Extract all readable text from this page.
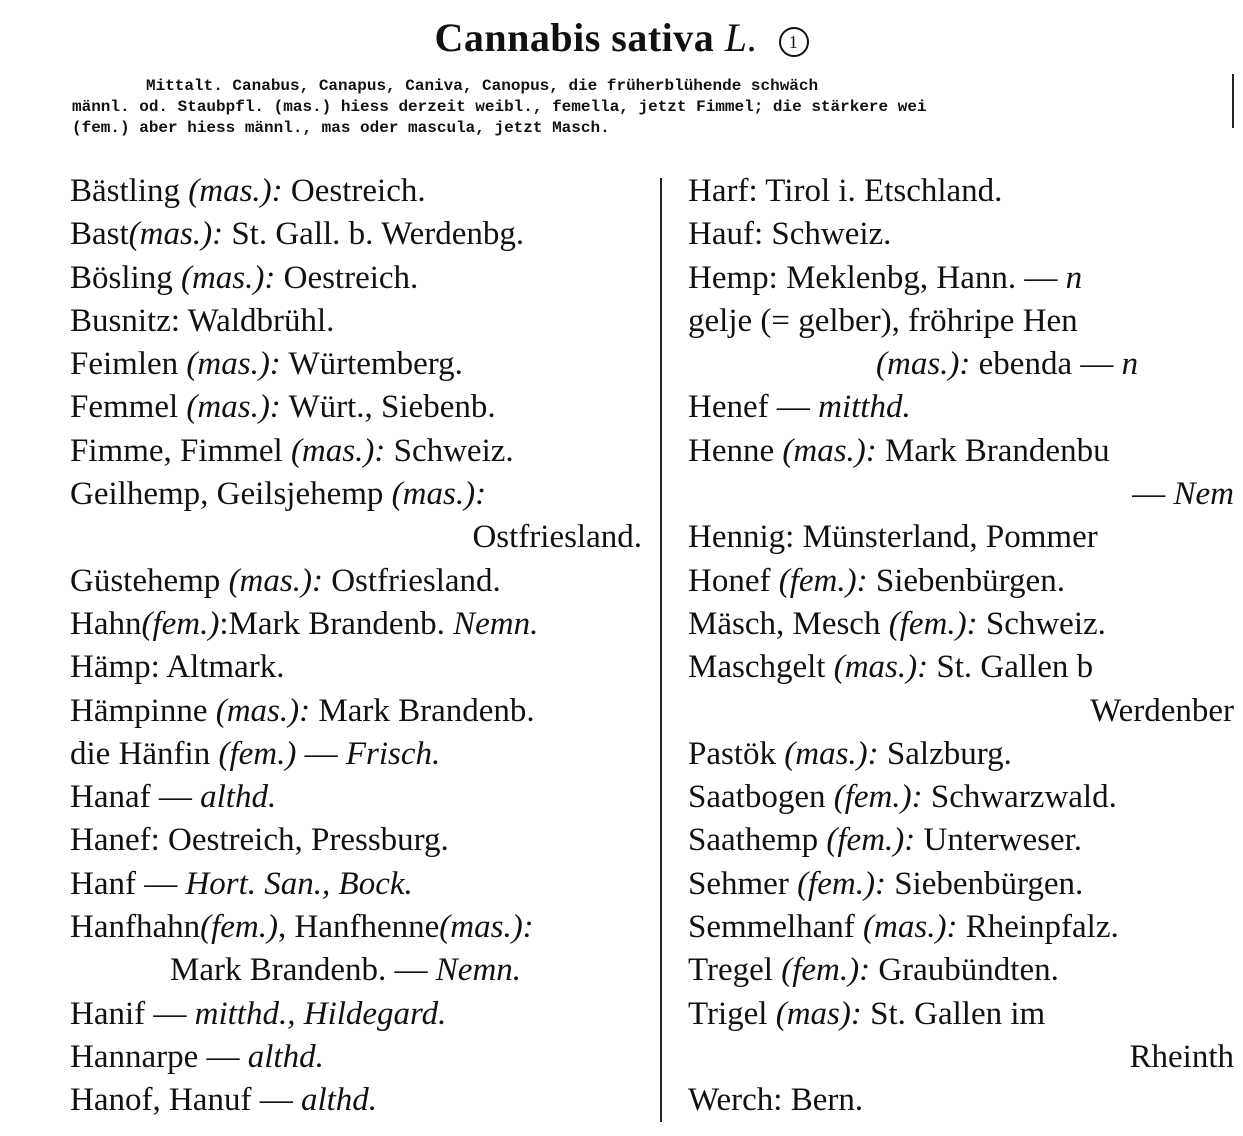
Cannabis sativa L. 1
Mittalt. Canabus, Canapus, Caniva, Canopus, die früherblühende schwäch
männl. od. Staubpfl. (mas.) hiess derzeit weibl., femella, jetzt Fimmel; die stärkere wei
(fem.) aber hiess männl., mas oder mascula, jetzt Masch.
Bästling (mas.): Oestreich.
Bast(mas.): St. Gall. b. Werdenbg.
Bösling (mas.): Oestreich.
Busnitz: Waldbrühl.
Feimlen (mas.): Würtemberg.
Femmel (mas.): Würt., Siebenb.
Fimme, Fimmel (mas.): Schweiz.
Geilhemp, Geilsjehemp (mas.):
Ostfriesland.
Güstehemp (mas.): Ostfriesland.
Hahn(fem.):Mark Brandenb. Nemn.
Hämp: Altmark.
Hämpinne (mas.): Mark Brandenb.
die Hänfin (fem.) — Frisch.
Hanaf — althd.
Hanef: Oestreich, Pressburg.
Hanf — Hort. San., Bock.
Hanfhahn(fem.), Hanfhenne(mas.):
Mark Brandenb. — Nemn.
Hanif — mitthd., Hildegard.
Hannarpe — althd.
Hanof, Hanuf — althd.
Harf: Tirol i. Etschland.
Hauf: Schweiz.
Hemp: Meklenbg, Hann. — n
gelje (= gelber), fröhripe Hen
(mas.): ebenda — n
Henef — mitthd.
Henne (mas.): Mark Brandenbu
— Nem
Hennig: Münsterland, Pommer
Honef (fem.): Siebenbürgen.
Mäsch, Mesch (fem.): Schweiz.
Maschgelt (mas.): St. Gallen b
Werdenber
Pastök (mas.): Salzburg.
Saatbogen (fem.): Schwarzwald.
Saathemp (fem.): Unterweser.
Sehmer (fem.): Siebenbürgen.
Semmelhanf (mas.): Rheinpfalz.
Tregel (fem.): Graubündten.
Trigel (mas): St. Gallen im
Rheinth
Werch: Bern.
